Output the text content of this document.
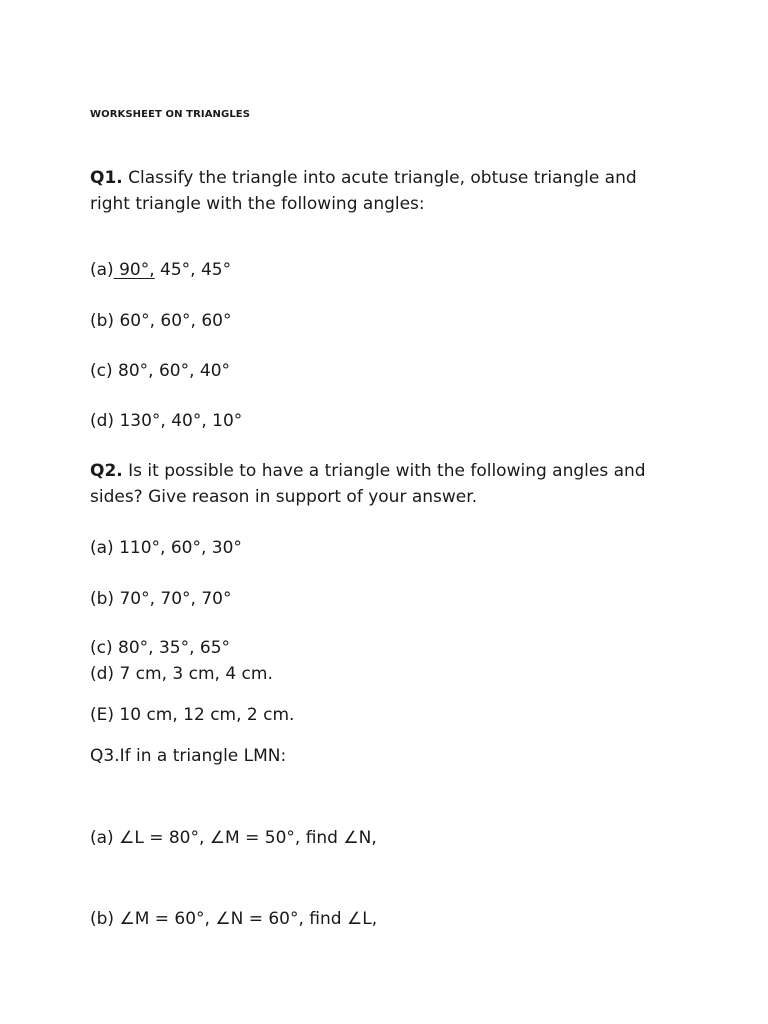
WORKSHEET ON TRIANGLES
Q1. Classify the triangle into acute triangle, obtuse triangle and
right triangle with the following angles:
(a) 90°, 45°, 45°
(b) 60°, 60°, 60°
(c) 80°, 60°, 40°
(d) 130°, 40°, 10°
Q2. Is it possible to have a triangle with the following angles and
sides? Give reason in support of your answer.
(a) 110°, 60°, 30°
(b) 70°, 70°, 70°
(c) 80°, 35°, 65°
(d) 7 cm, 3 cm, 4 cm.
(E) 10 cm, 12 cm, 2 cm.
Q3.If in a triangle LMN:
(a) ∠L = 80°, ∠M = 50°, find ∠N,
(b) ∠M = 60°, ∠N = 60°, find ∠L,
